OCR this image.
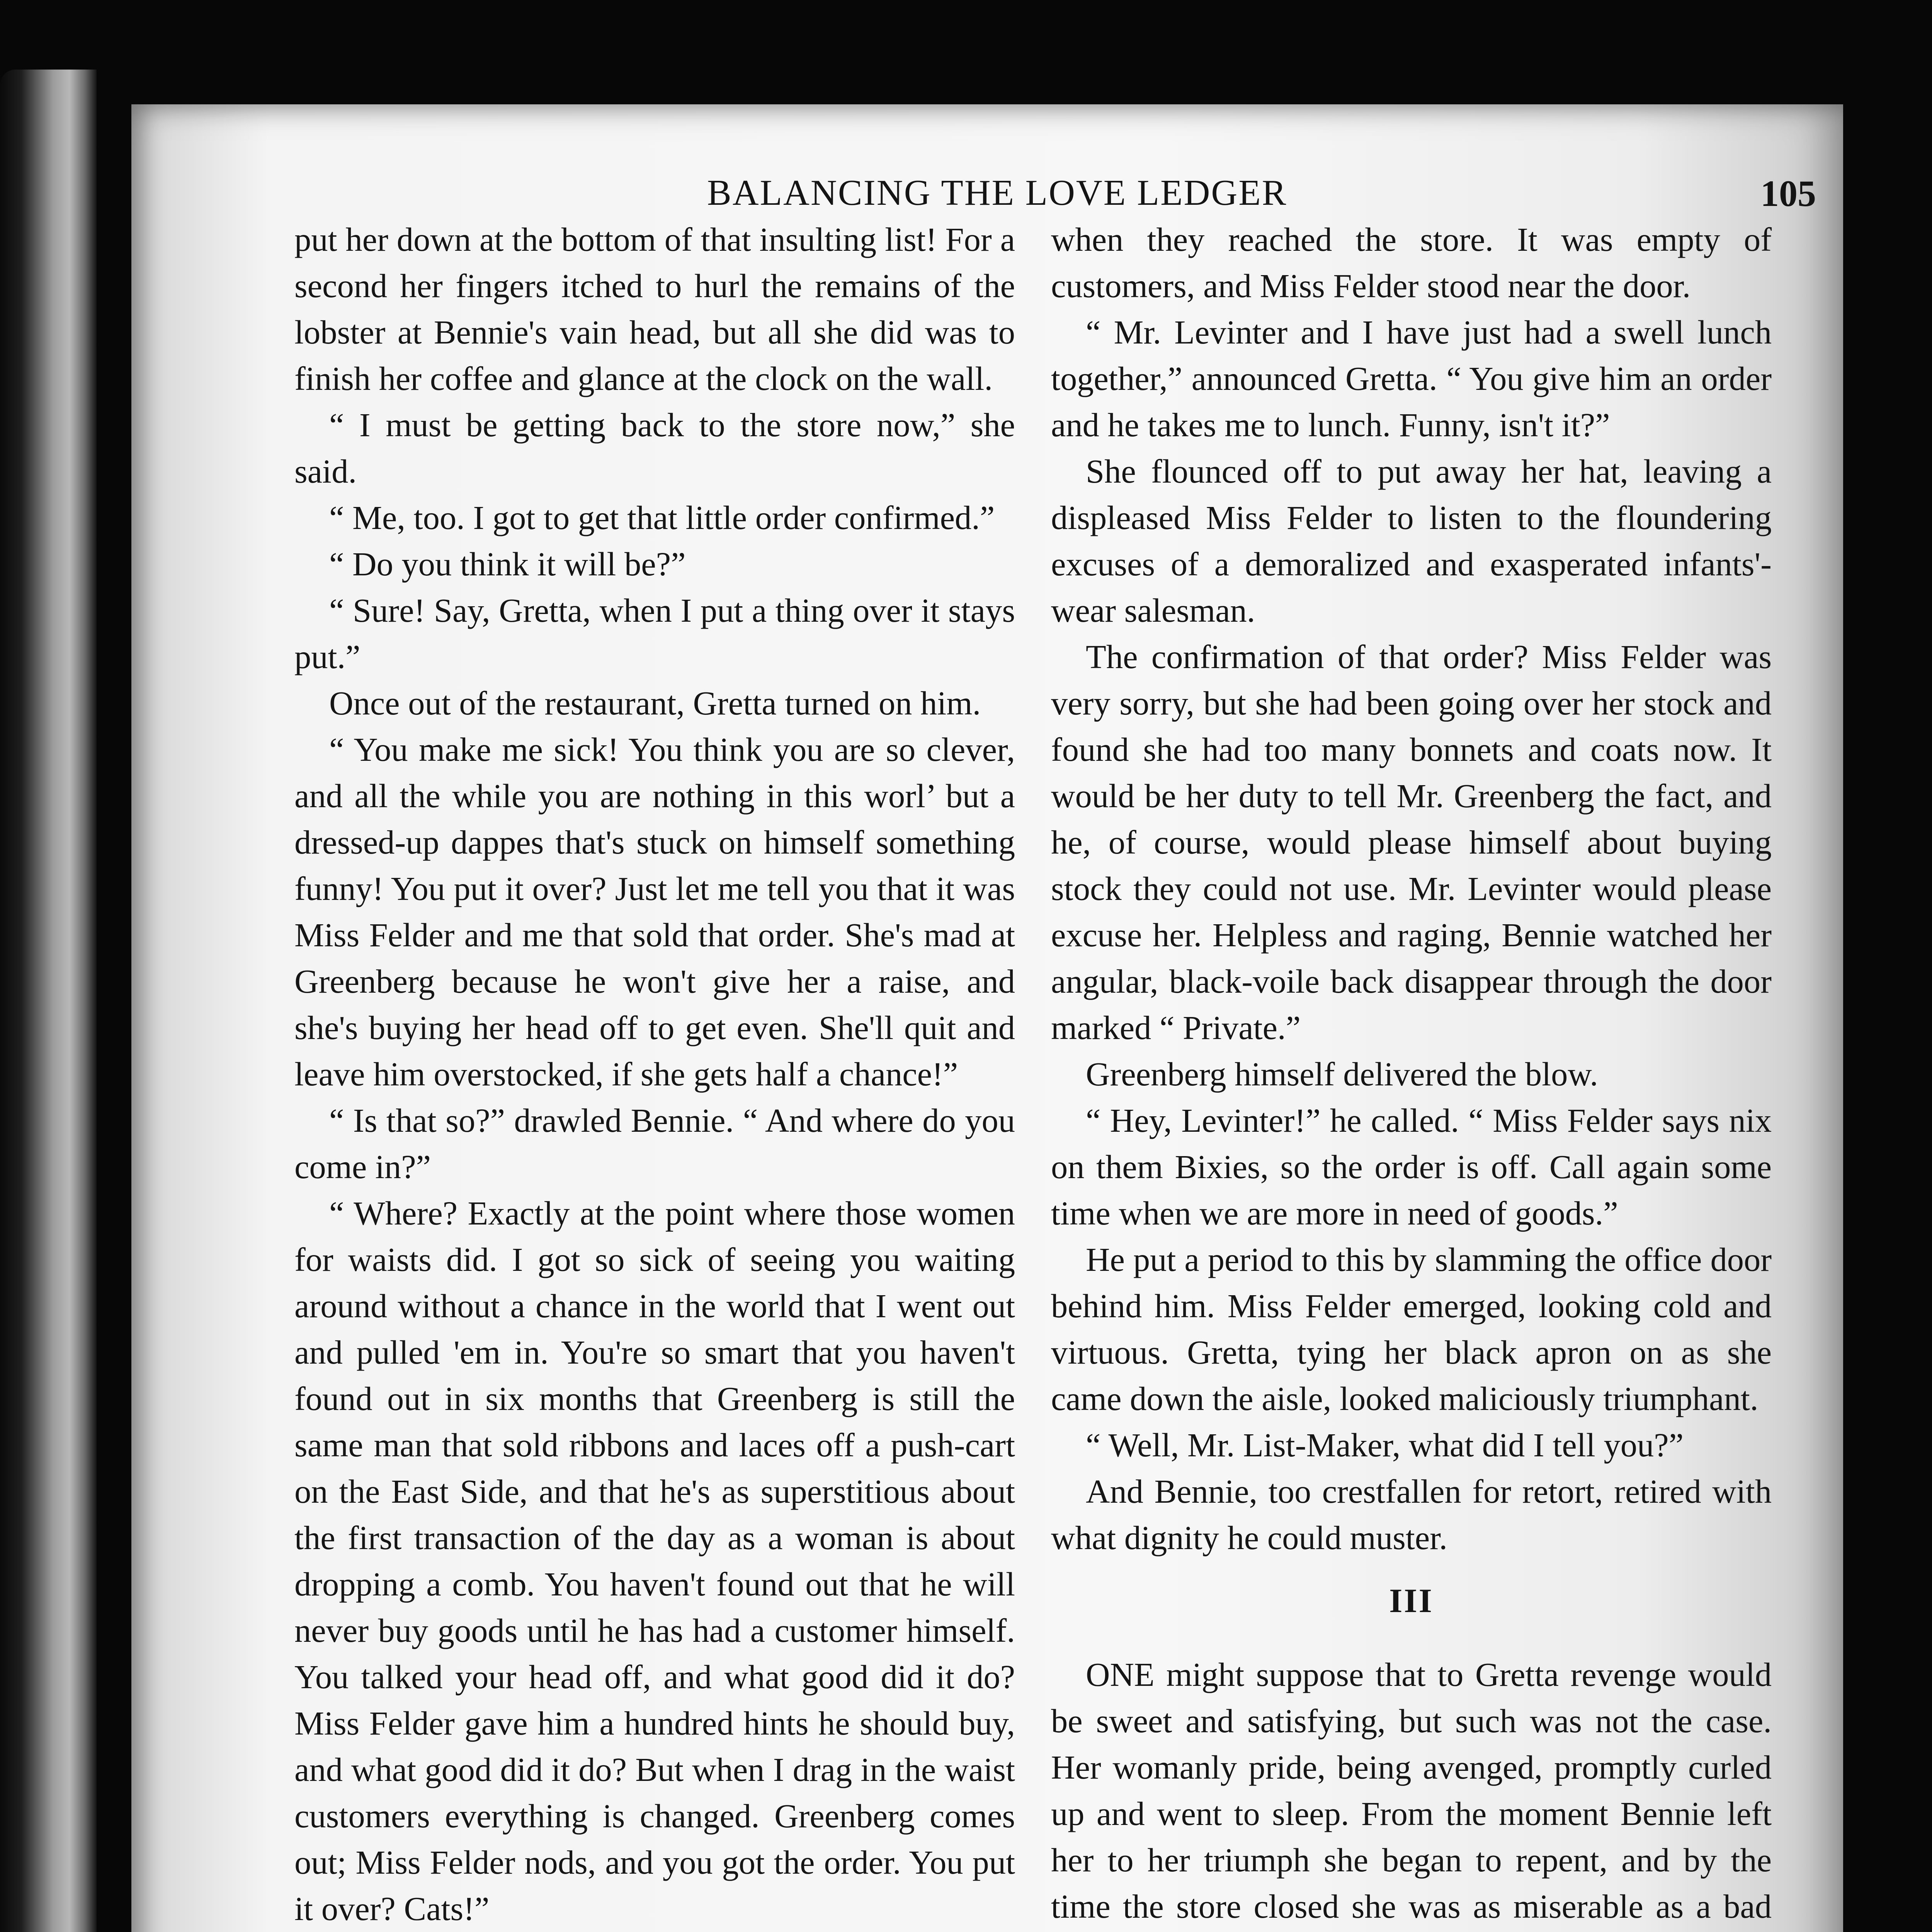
BALANCING THE LOVE LEDGER	105

put her down at the bottom of that insulting list! For a second her fingers itched to hurl the remains of the lobster at Bennie's vain head, but all she did was to finish her coffee and glance at the clock on the wall.

“ I must be getting back to the store now,” she said.

“ Me, too. I got to get that little order confirmed.”

“ Do you think it will be?”

“ Sure! Say, Gretta, when I put a thing over it stays put.”

Once out of the restaurant, Gretta turned on him.

“ You make me sick! You think you are so clever, and all the while you are nothing in this worl’ but a dressed-up dappes that's stuck on himself something funny! You put it over? Just let me tell you that it was Miss Felder and me that sold that order. She's mad at Greenberg because he won't give her a raise, and she's buying her head off to get even. She'll quit and leave him overstocked, if she gets half a chance!”

“ Is that so?” drawled Bennie. “ And where do you come in?”

“ Where? Exactly at the point where those women for waists did. I got so sick of seeing you waiting around without a chance in the world that I went out and pulled 'em in. You're so smart that you haven't found out in six months that Greenberg is still the same man that sold ribbons and laces off a push-cart on the East Side, and that he's as superstitious about the first transaction of the day as a woman is about dropping a comb. You haven't found out that he will never buy goods until he has had a customer himself. You talked your head off, and what good did it do? Miss Felder gave him a hundred hints he should buy, and what good did it do? But when I drag in the waist customers everything is changed. Greenberg comes out; Miss Felder nods, and you got the order. You put it over? Cats!”

when they reached the store. It was empty of customers, and Miss Felder stood near the door.

“ Mr. Levinter and I have just had a swell lunch together,” announced Gretta. “ You give him an order and he takes me to lunch. Funny, isn't it?”

She flounced off to put away her hat, leaving a displeased Miss Felder to listen to the floundering excuses of a demoralized and exasperated infants'-wear salesman.

The confirmation of that order? Miss Felder was very sorry, but she had been going over her stock and found she had too many bonnets and coats now. It would be her duty to tell Mr. Greenberg the fact, and he, of course, would please himself about buying stock they could not use. Mr. Levinter would please excuse her. Helpless and raging, Bennie watched her angular, black-voile back disappear through the door marked “ Private.”

Greenberg himself delivered the blow.

“ Hey, Levinter!” he called. “ Miss Felder says nix on them Bixies, so the order is off. Call again some time when we are more in need of goods.”

He put a period to this by slamming the office door behind him. Miss Felder emerged, looking cold and virtuous. Gretta, tying her black apron on as she came down the aisle, looked maliciously triumphant.

“ Well, Mr. List-Maker, what did I tell you?”

And Bennie, too crestfallen for retort, retired with what dignity he could muster.

III

ONE might suppose that to Gretta revenge would be sweet and satisfying, but such was not the case. Her womanly pride, being avenged, promptly curled up and went to sleep. From the moment Bennie left her to her triumph she began to repent, and by the time the store closed she was as miserable as a bad
